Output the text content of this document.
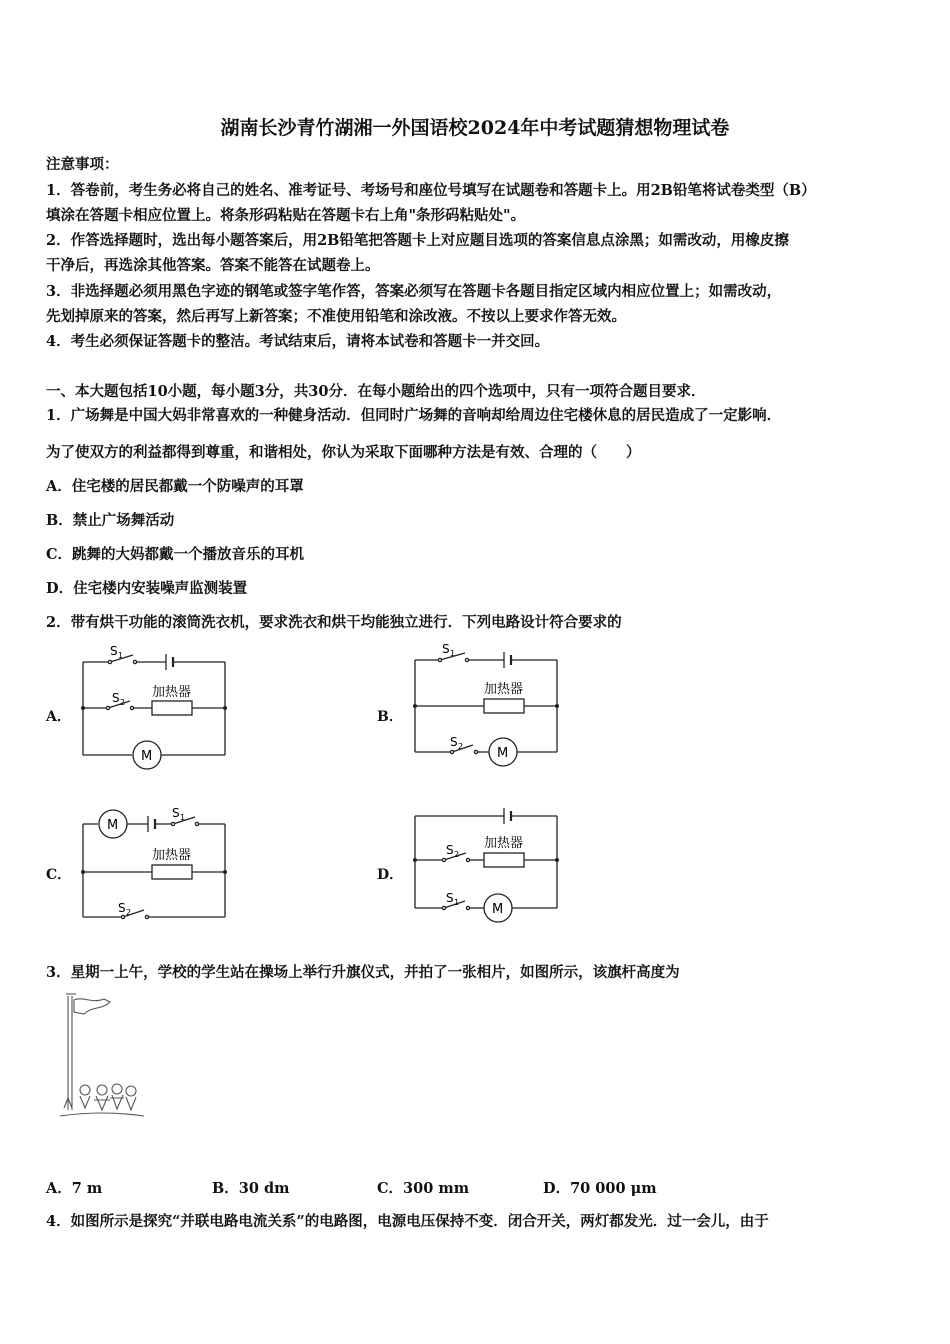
湖南长沙青竹湖湘一外国语校2024年中考试题猜想物理试卷
注意事项：
1．答卷前，考生务必将自己的姓名、准考证号、考场号和座位号填写在试题卷和答题卡上。用2B铅笔将试卷类型（B）
填涂在答题卡相应位置上。将条形码粘贴在答题卡右上角"条形码粘贴处"。
2．作答选择题时，选出每小题答案后，用2B铅笔把答题卡上对应题目选项的答案信息点涂黑；如需改动，用橡皮擦
干净后，再选涂其他答案。答案不能答在试题卷上。
3．非选择题必须用黑色字迹的钢笔或签字笔作答，答案必须写在答题卡各题目指定区域内相应位置上；如需改动，
先划掉原来的答案，然后再写上新答案；不准使用铅笔和涂改液。不按以上要求作答无效。
4．考生必须保证答题卡的整洁。考试结束后，请将本试卷和答题卡一并交回。
一、本大题包括10小题，每小题3分，共30分．在每小题给出的四个选项中，只有一项符合题目要求．
1．广场舞是中国大妈非常喜欢的一种健身活动．但同时广场舞的音响却给周边住宅楼休息的居民造成了一定影响．
为了使双方的利益都得到尊重，和谐相处，你认为采取下面哪种方法是有效、合理的（　　）
A．住宅楼的居民都戴一个防噪声的耳罩
B．禁止广场舞活动
C．跳舞的大妈都戴一个播放音乐的耳机
D．住宅楼内安装噪声监测装置
2．带有烘干功能的滚筒洗衣机，要求洗衣和烘干均能独立进行．下列电路设计符合要求的
A．	B．
C．	D．
S 1
S 2
加热器
M
S 1
S 2
加热器
M
M
S 1
S 2
加热器	S 2
S 1
加热器
M
3．星期一上午，学校的学生站在操场上举行升旗仪式，并拍了一张相片，如图所示，该旗杆高度为
A．7 m	B．30 dm	C．300 mm	D．70 000 μm
4．如图所示是探究“并联电路电流关系”的电路图，电源电压保持不变．闭合开关，两灯都发光．过一会儿，由于
